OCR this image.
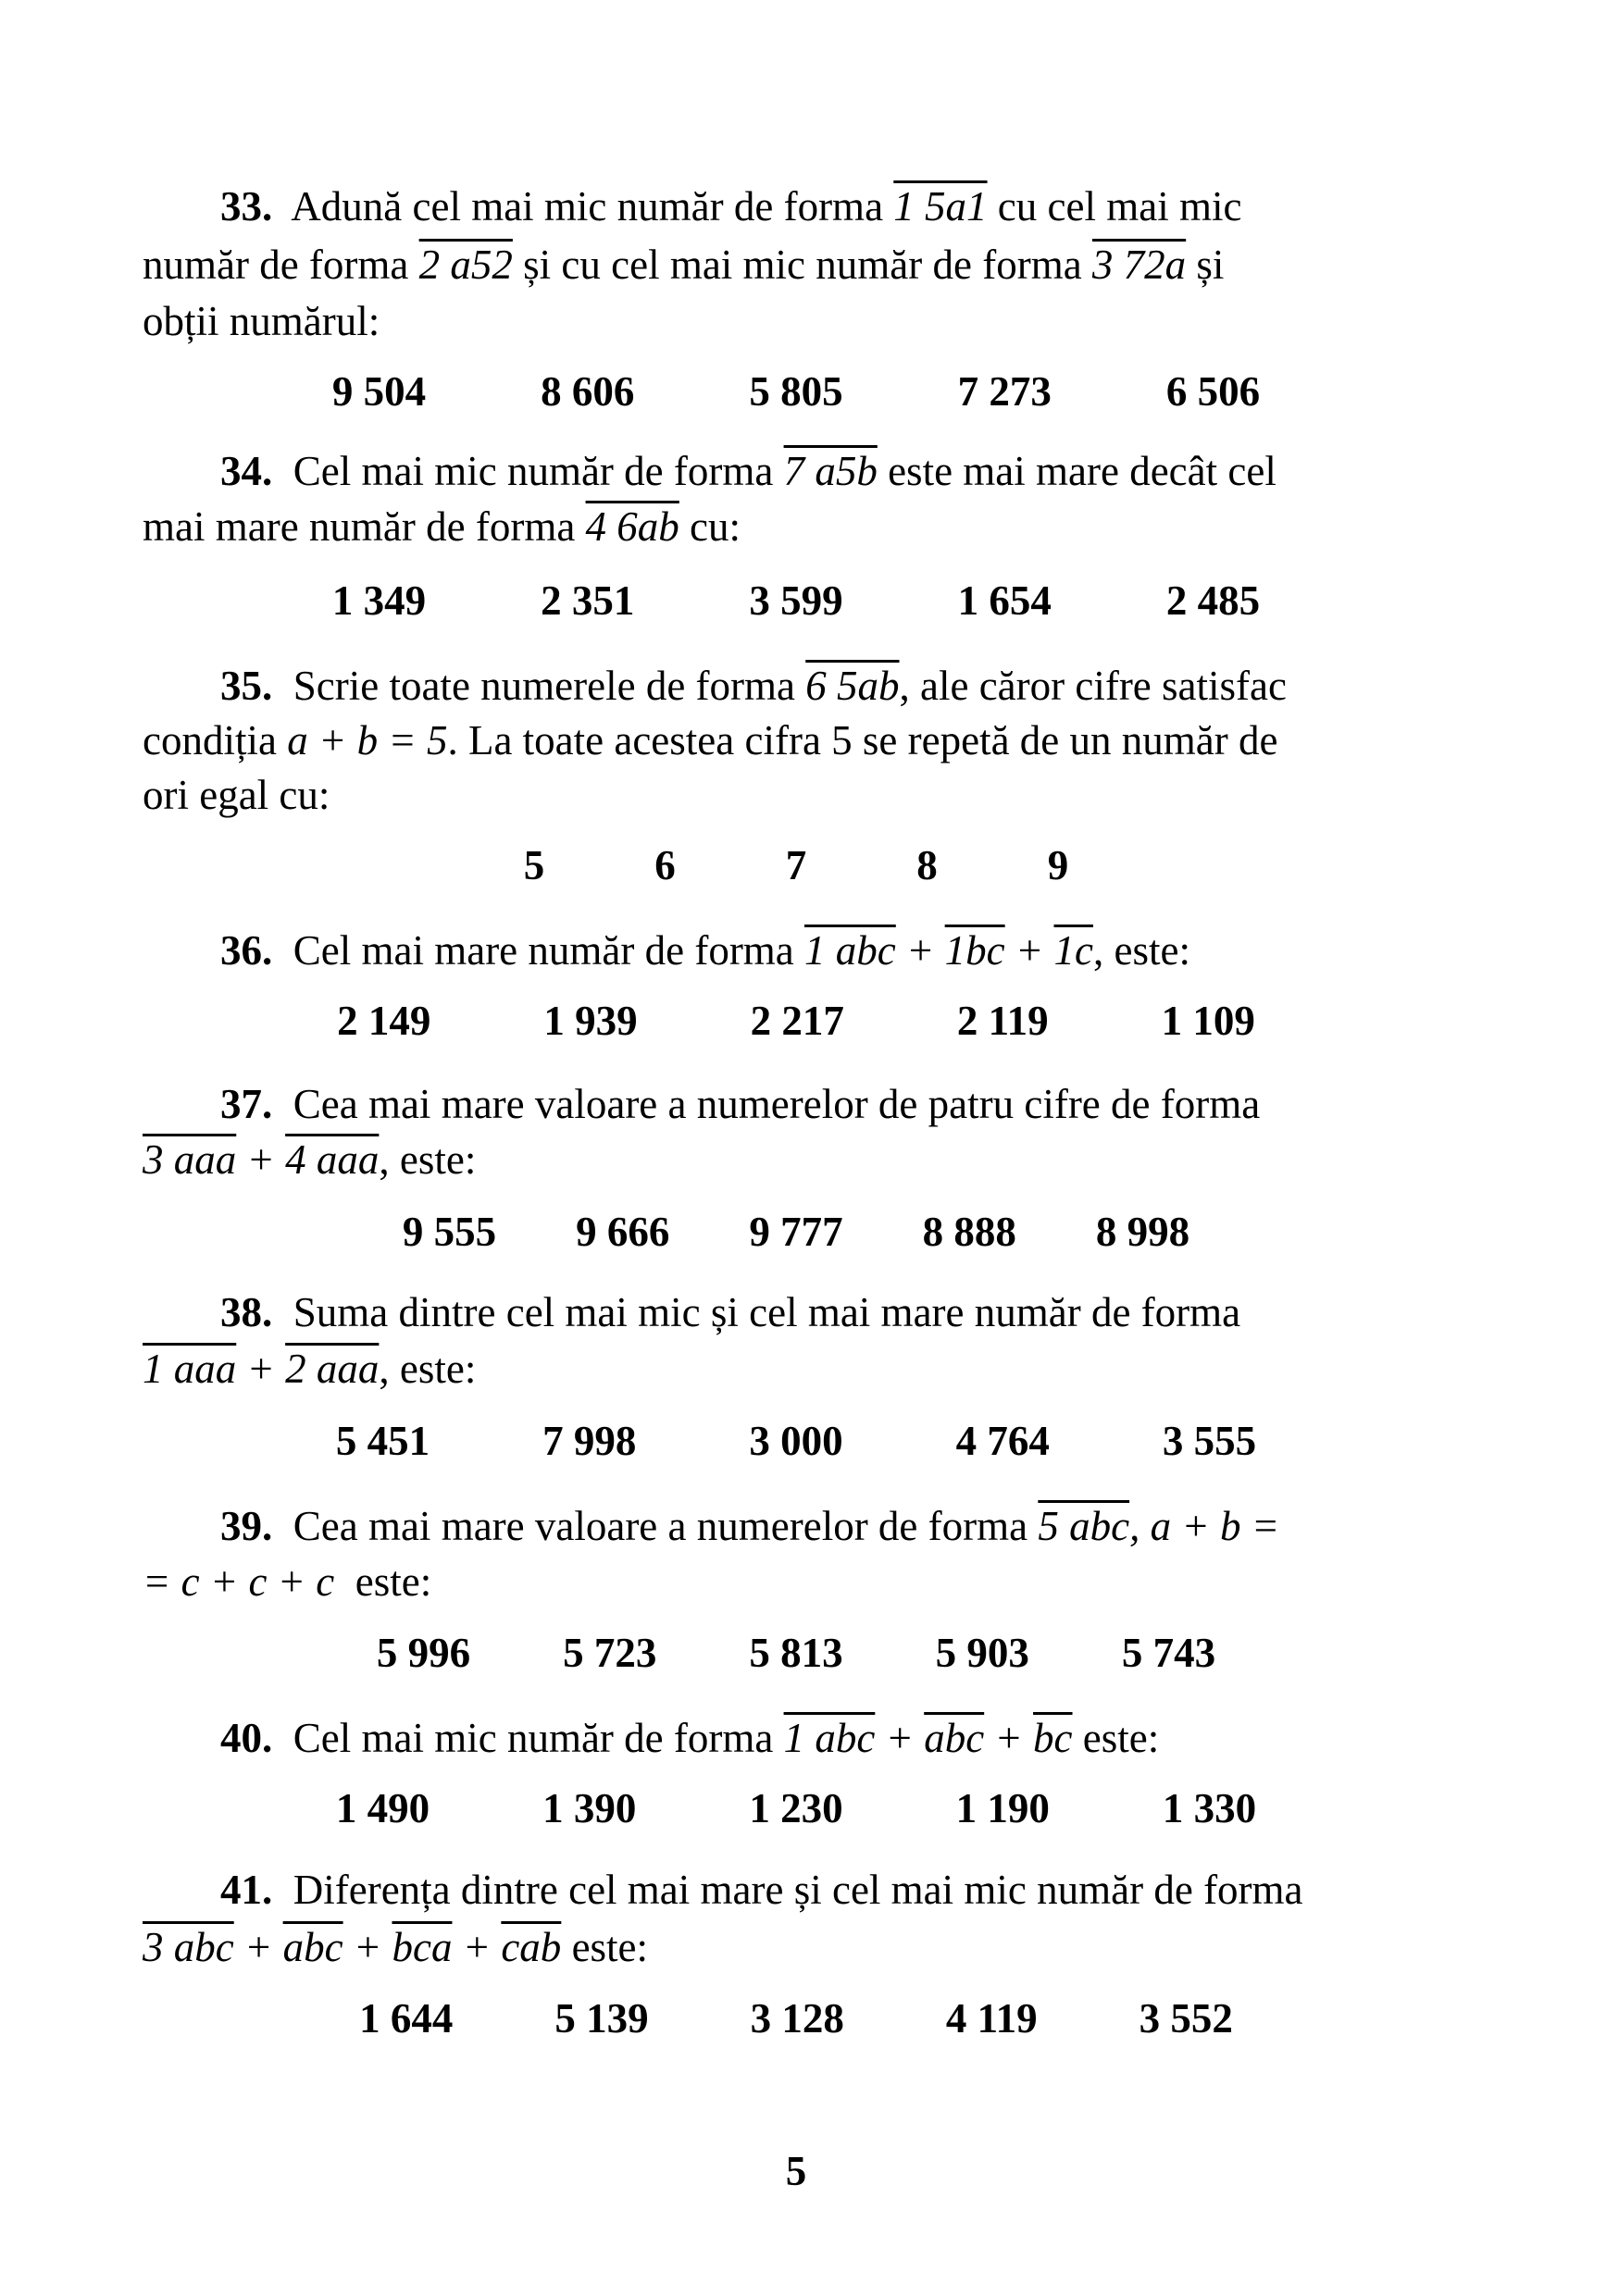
33. Adună cel mai mic număr de forma 1 5a1 cu cel mai mic
număr de forma 2 a52 și cu cel mai mic număr de forma 3 72a și
obții numărul:
9 504	8 606	5 805	7 273	6 506
34. Cel mai mic număr de forma 7 a5b este mai mare decât cel
mai mare număr de forma 4 6ab cu:
1 349	2 351	3 599	1 654	2 485
35. Scrie toate numerele de forma 6 5ab, ale căror cifre satisfac
condiția a + b = 5. La toate acestea cifra 5 se repetă de un număr de
ori egal cu:
5	6	7	8	9
36. Cel mai mare număr de forma 1 abc + 1bc + 1c, este:
2 149	1 939	2 217	2 119	1 109
37. Cea mai mare valoare a numerelor de patru cifre de forma
3 aaa + 4 aaa, este:
9 555 9 666 9 777 8 888 8 998
38. Suma dintre cel mai mic și cel mai mare număr de forma
1 aaa + 2 aaa, este:
5 451	7 998	3 000	4 764	3 555
39. Cea mai mare valoare a numerelor de forma 5 abc, a + b =
= c + c + c  este:
5 996 5 723 5 813 5 903 5 743
40. Cel mai mic număr de forma 1 abc + $\overline{abc} + \overline{bc}$ este:
1 490	1 390	1 230	1 190	1 330
41. Diferența dintre cel mai mare și cel mai mic număr de forma
3 abc + $\overline{abc} + \overline{bca} + \overline{cab}$ este:
1 644 5 139 3 128 4 119 3 552
5
